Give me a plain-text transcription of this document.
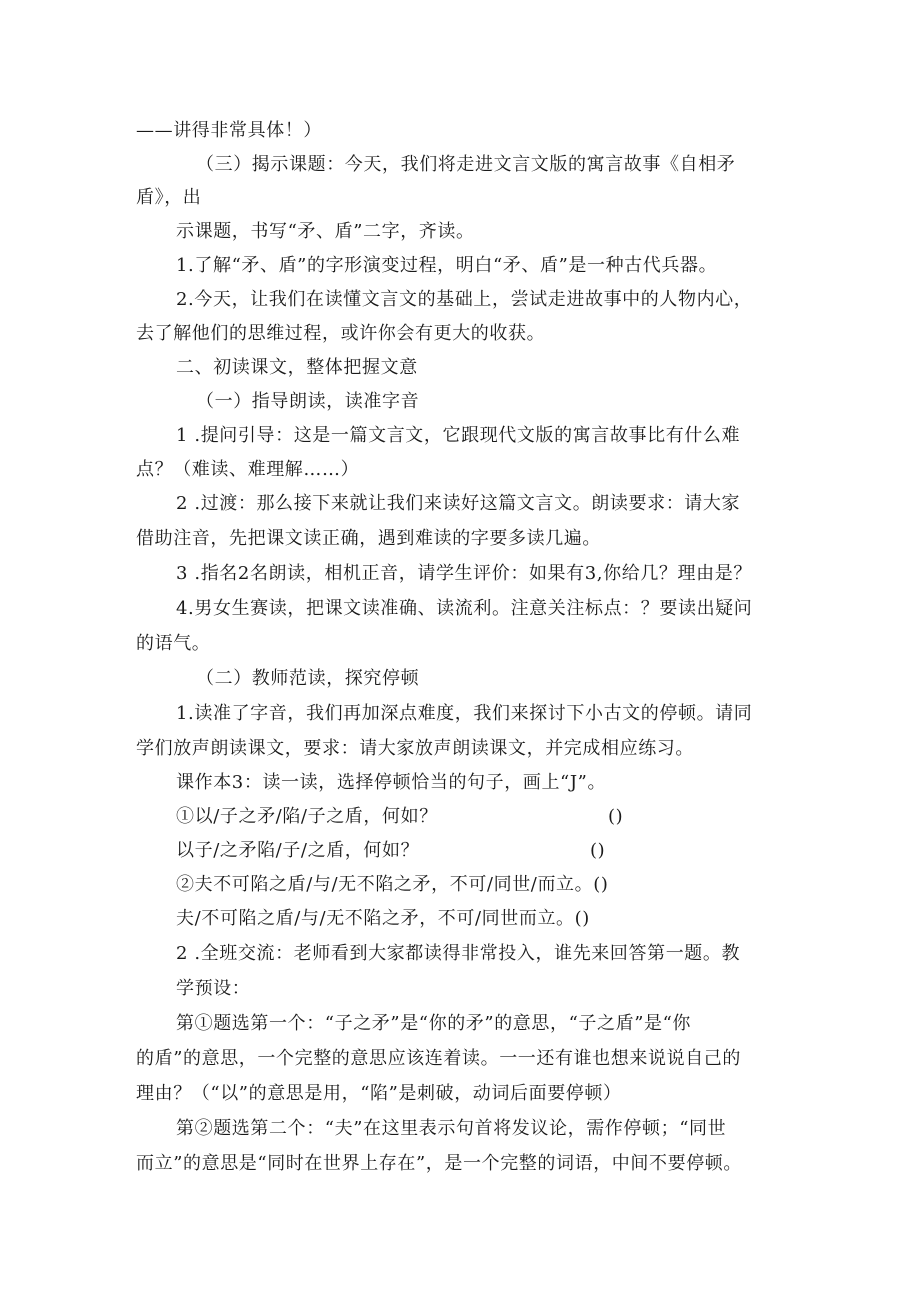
——讲得非常具体！）
（三）揭示课题：今天，我们将走进文言文版的寓言故事《自相矛
盾》，出
示课题，书写“矛、盾”二字，齐读。
1.了解“矛、盾”的字形演变过程，明白“矛、盾”是一种古代兵器。
2.今天，让我们在读懂文言文的基础上，尝试走进故事中的人物内心，
去了解他们的思维过程，或许你会有更大的收获。
二、初读课文，整体把握文意
（一）指导朗读，读准字音
1 .提问引导：这是一篇文言文，它跟现代文版的寓言故事比有什么难
点？（难读、难理解……）
2 .过渡：那么接下来就让我们来读好这篇文言文。朗读要求：请大家
借助注音，先把课文读正确，遇到难读的字要多读几遍。
3 .指名2名朗读，相机正音，请学生评价：如果有3,你给几？理由是？
4.男女生赛读，把课文读准确、读流利。注意关注标点：？要读出疑问
的语气。
（二）教师范读，探究停顿
1.读准了字音，我们再加深点难度，我们来探讨下小古文的停顿。请同
学们放声朗读课文，要求：请大家放声朗读课文，并完成相应练习。
课作本3：读一读，选择停顿恰当的句子，画上“J”。
①以/子之矛/陷/子之盾，何如？	()
以子/之矛陷/子/之盾，何如？	()
②夫不可陷之盾/与/无不陷之矛，不可/同世/而立。()
夫/不可陷之盾/与/无不陷之矛，不可/同世而立。()
2 .全班交流：老师看到大家都读得非常投入，谁先来回答第一题。教
学预设：
第①题选第一个：“子之矛”是“你的矛”的意思，“子之盾”是“你
的盾”的意思，一个完整的意思应该连着读。一一还有谁也想来说说自己的
理由？（“以”的意思是用，“陷”是刺破，动词后面要停顿）
第②题选第二个：“夫”在这里表示句首将发议论，需作停顿；“同世
而立”的意思是“同时在世界上存在”，是一个完整的词语，中间不要停顿。
